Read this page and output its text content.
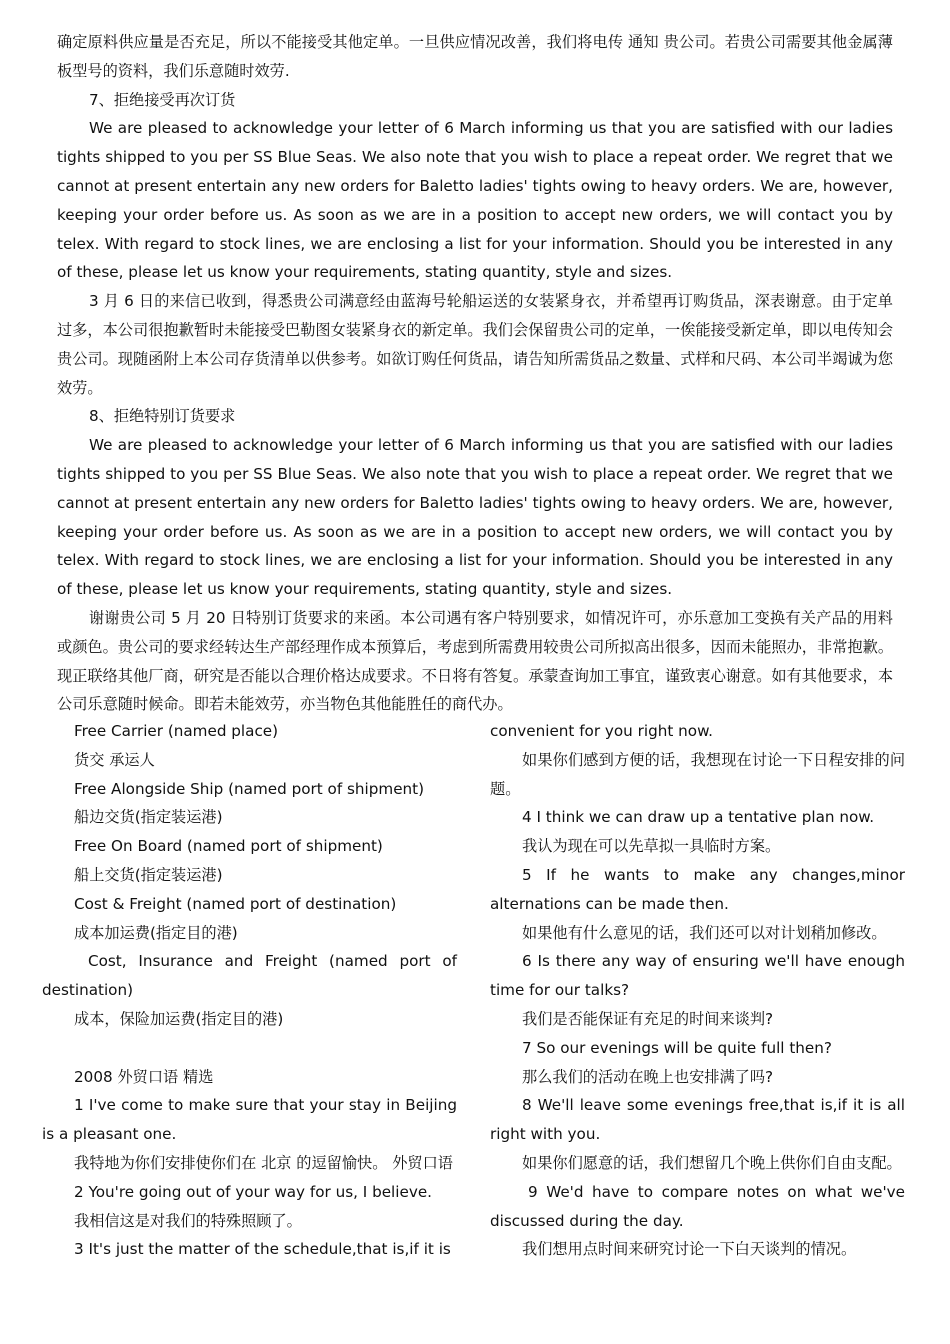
确定原料供应量是否充足，所以不能接受其他定单。一旦供应情况改善，我们将电传 通知 贵公司。若贵公司需要其他金属薄板型号的资料，我们乐意随时效劳.

7、拒绝接受再次订货

We are pleased to acknowledge your letter of 6 March informing us that you are satisfied with our ladies tights shipped to you per SS Blue Seas. We also note that you wish to place a repeat order. We regret that we cannot at present entertain any new orders for Baletto ladies' tights owing to heavy orders. We are, however, keeping your order before us. As soon as we are in a position to accept new orders, we will contact you by telex. With regard to stock lines, we are enclosing a list for your information. Should you be interested in any of these, please let us know your requirements, stating quantity, style and sizes.

3 月 6 日的来信已收到，得悉贵公司满意经由蓝海号轮船运送的女装紧身衣，并希望再订购货品，深表谢意。由于定单过多，本公司很抱歉暂时未能接受巴勒图女装紧身衣的新定单。我们会保留贵公司的定单，一俟能接受新定单，即以电传知会贵公司。现随函附上本公司存货清单以供参考。如欲订购任何货品，请告知所需货品之数量、式样和尺码、本公司半竭诚为您效劳。

8、拒绝特别订货要求

We are pleased to acknowledge your letter of 6 March informing us that you are satisfied with our ladies tights shipped to you per SS Blue Seas. We also note that you wish to place a repeat order. We regret that we cannot at present entertain any new orders for Baletto ladies' tights owing to heavy orders. We are, however, keeping your order before us. As soon as we are in a position to accept new orders, we will contact you by telex. With regard to stock lines, we are enclosing a list for your information. Should you be interested in any of these, please let us know your requirements, stating quantity, style and sizes.

谢谢贵公司 5 月 20 日特别订货要求的来函。本公司遇有客户特别要求，如情况许可，亦乐意加工变换有关产品的用料或颜色。贵公司的要求经转达生产部经理作成本预算后，考虑到所需费用较贵公司所拟高出很多，因而未能照办，非常抱歉。现正联络其他厂商，研究是否能以合理价格达成要求。不日将有答复。承蒙查询加工事宜，谨致衷心谢意。如有其他要求，本公司乐意随时候命。即若未能效劳，亦当物色其他能胜任的商代办。

Free Carrier (named place)

货交 承运人

Free Alongside Ship (named port of shipment)

船边交货(指定装运港)

Free On Board (named port of shipment)

船上交货(指定装运港)

Cost & Freight (named port of destination)

成本加运费(指定目的港)

Cost, Insurance and Freight (named port of destination)

成本，保险加运费(指定目的港)

2008 外贸口语 精选

1 I've come to make sure that your stay in Beijing is a pleasant one.

我特地为你们安排使你们在 北京 的逗留愉快。 外贸口语

2 You're going out of your way for us, I believe.

我相信这是对我们的特殊照顾了。

3 It's just the matter of the schedule,that is,if it is

convenient for you right now.

如果你们感到方便的话，我想现在讨论一下日程安排的问题。

4 I think we can draw up a tentative plan now.

我认为现在可以先草拟一具临时方案。

5 If he wants to make any changes,minor alternations can be made then.

如果他有什么意见的话，我们还可以对计划稍加修改。

6 Is there any way of ensuring we'll have enough time for our talks?

我们是否能保证有充足的时间来谈判?

7 So our evenings will be quite full then?

那么我们的活动在晚上也安排满了吗?

8 We'll leave some evenings free,that is,if it is all right with you.

如果你们愿意的话，我们想留几个晚上供你们自由支配。

9 We'd have to compare notes on what we've discussed during the day.

我们想用点时间来研究讨论一下白天谈判的情况。
